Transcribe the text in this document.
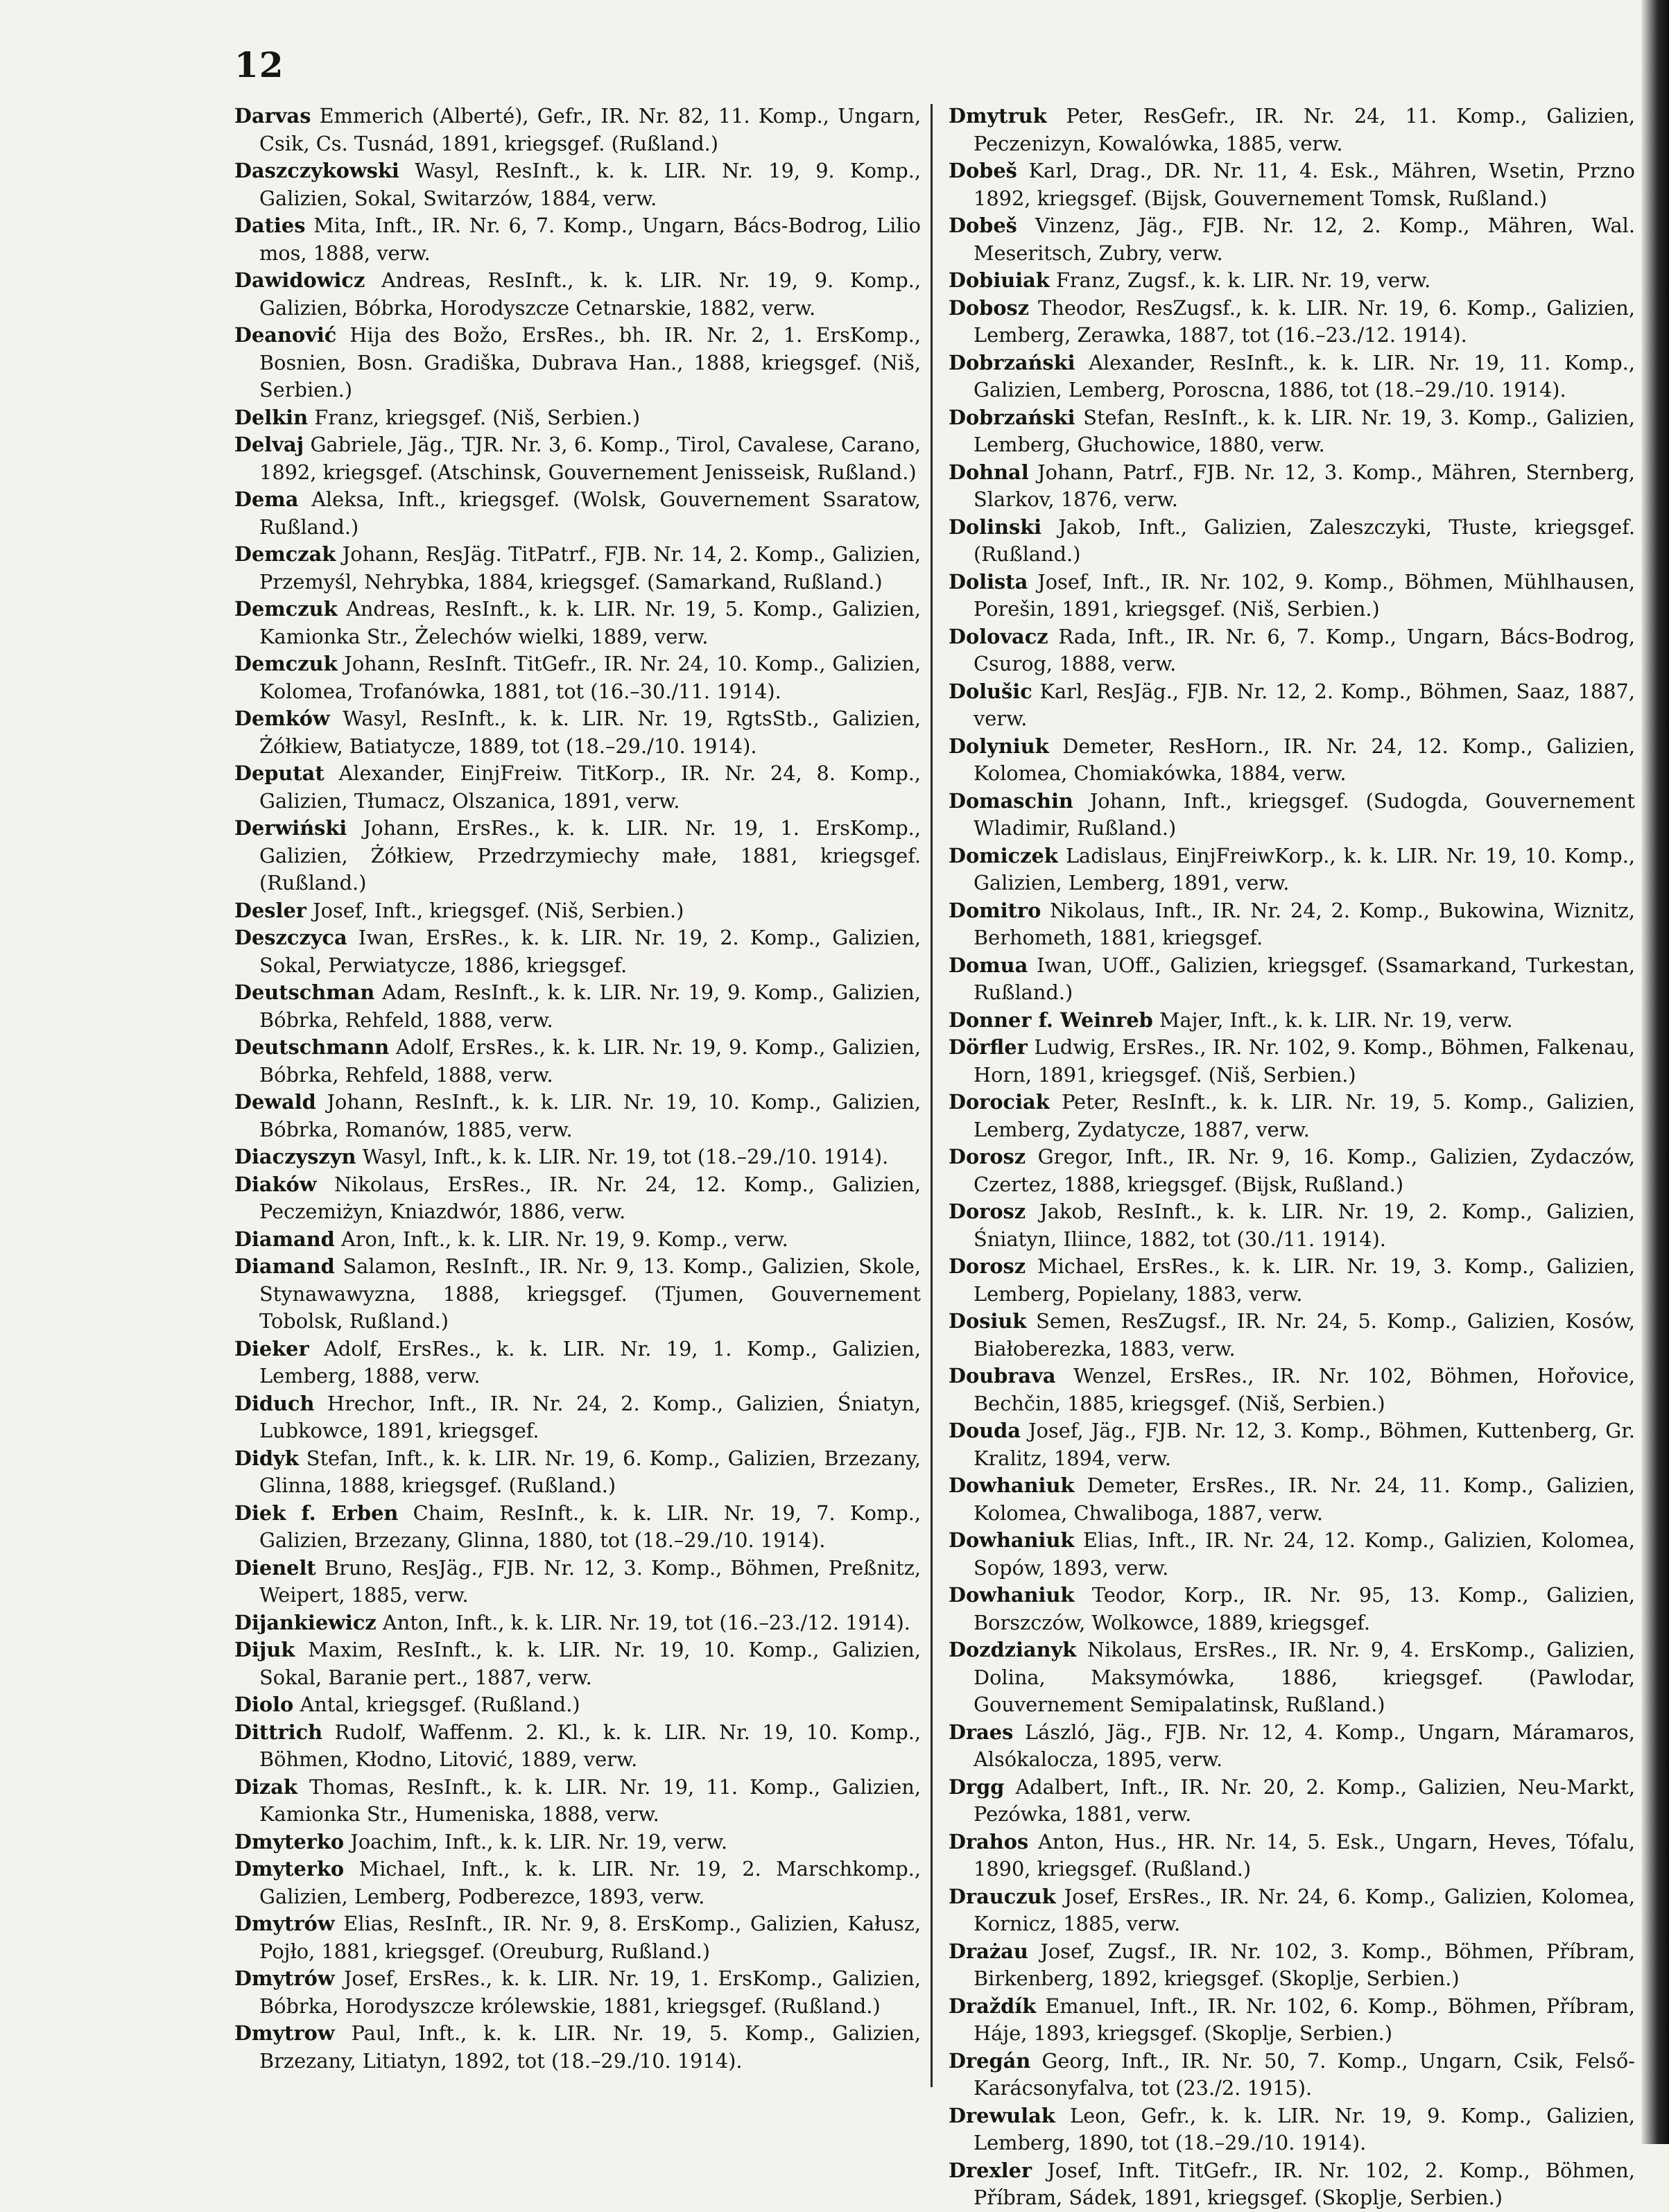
12

Darvas Emmerich (Alberté), Gefr., IR. Nr. 82, 11. Komp., Ungarn, Csik, Cs. Tusnád, 1891, kriegsgef. (Rußland.)

Daszczykowski Wasyl, ResInft., k. k. LIR. Nr. 19, 9. Komp., Galizien, Sokal, Switarzów, 1884, verw.

Daties Mita, Inft., IR. Nr. 6, 7. Komp., Ungarn, Bács-Bodrog, Lilio mos, 1888, verw.

Dawidowicz Andreas, ResInft., k. k. LIR. Nr. 19, 9. Komp., Galizien, Bóbrka, Horodyszcze Cetnarskie, 1882, verw.

Deanović Hija des Božo, ErsRes., bh. IR. Nr. 2, 1. ErsKomp., Bosnien, Bosn. Gradiška, Dubrava Han., 1888, kriegsgef. (Niš, Serbien.)

Delkin Franz, kriegsgef. (Niš, Serbien.)

Delvaj Gabriele, Jäg., TJR. Nr. 3, 6. Komp., Tirol, Cavalese, Carano, 1892, kriegsgef. (Atschinsk, Gouvernement Jenisseisk, Rußland.)

Dema Aleksa, Inft., kriegsgef. (Wolsk, Gouvernement Ssaratow, Rußland.)

Demczak Johann, ResJäg. TitPatrf., FJB. Nr. 14, 2. Komp., Galizien, Przemyśl, Nehrybka, 1884, kriegsgef. (Samarkand, Rußland.)

Demczuk Andreas, ResInft., k. k. LIR. Nr. 19, 5. Komp., Galizien, Kamionka Str., Żelechów wielki, 1889, verw.

Demczuk Johann, ResInft. TitGefr., IR. Nr. 24, 10. Komp., Galizien, Kolomea, Trofanówka, 1881, tot (16.–30./11. 1914).

Demków Wasyl, ResInft., k. k. LIR. Nr. 19, RgtsStb., Galizien, Żółkiew, Batiatycze, 1889, tot (18.–29./10. 1914).

Deputat Alexander, EinjFreiw. TitKorp., IR. Nr. 24, 8. Komp., Galizien, Tłumacz, Olszanica, 1891, verw.

Derwiński Johann, ErsRes., k. k. LIR. Nr. 19, 1. ErsKomp., Galizien, Żółkiew, Przedrzymiechy małe, 1881, kriegsgef. (Rußland.)

Desler Josef, Inft., kriegsgef. (Niš, Serbien.)

Deszczyca Iwan, ErsRes., k. k. LIR. Nr. 19, 2. Komp., Galizien, Sokal, Perwiatycze, 1886, kriegsgef.

Deutschman Adam, ResInft., k. k. LIR. Nr. 19, 9. Komp., Galizien, Bóbrka, Rehfeld, 1888, verw.

Deutschmann Adolf, ErsRes., k. k. LIR. Nr. 19, 9. Komp., Galizien, Bóbrka, Rehfeld, 1888, verw.

Dewald Johann, ResInft., k. k. LIR. Nr. 19, 10. Komp., Galizien, Bóbrka, Romanów, 1885, verw.

Diaczyszyn Wasyl, Inft., k. k. LIR. Nr. 19, tot (18.–29./10. 1914).

Diaków Nikolaus, ErsRes., IR. Nr. 24, 12. Komp., Galizien, Peczemiżyn, Kniazdwór, 1886, verw.

Diamand Aron, Inft., k. k. LIR. Nr. 19, 9. Komp., verw.

Diamand Salamon, ResInft., IR. Nr. 9, 13. Komp., Galizien, Skole, Stynawawyzna, 1888, kriegsgef. (Tjumen, Gouvernement Tobolsk, Rußland.)

Dieker Adolf, ErsRes., k. k. LIR. Nr. 19, 1. Komp., Galizien, Lemberg, 1888, verw.

Diduch Hrechor, Inft., IR. Nr. 24, 2. Komp., Galizien, Śniatyn, Lubkowce, 1891, kriegsgef.

Didyk Stefan, Inft., k. k. LIR. Nr. 19, 6. Komp., Galizien, Brzezany, Glinna, 1888, kriegsgef. (Rußland.)

Diek f. Erben Chaim, ResInft., k. k. LIR. Nr. 19, 7. Komp., Galizien, Brzezany, Glinna, 1880, tot (18.–29./10. 1914).

Dienelt Bruno, ResJäg., FJB. Nr. 12, 3. Komp., Böhmen, Preßnitz, Weipert, 1885, verw.

Dijankiewicz Anton, Inft., k. k. LIR. Nr. 19, tot (16.–23./12. 1914).

Dijuk Maxim, ResInft., k. k. LIR. Nr. 19, 10. Komp., Galizien, Sokal, Baranie pert., 1887, verw.

Diolo Antal, kriegsgef. (Rußland.)

Dittrich Rudolf, Waffenm. 2. Kl., k. k. LIR. Nr. 19, 10. Komp., Böhmen, Kłodno, Litović, 1889, verw.

Dizak Thomas, ResInft., k. k. LIR. Nr. 19, 11. Komp., Galizien, Kamionka Str., Humeniska, 1888, verw.

Dmyterko Joachim, Inft., k. k. LIR. Nr. 19, verw.

Dmyterko Michael, Inft., k. k. LIR. Nr. 19, 2. Marschkomp., Galizien, Lemberg, Podberezce, 1893, verw.

Dmytrów Elias, ResInft., IR. Nr. 9, 8. ErsKomp., Galizien, Kałusz, Pojło, 1881, kriegsgef. (Oreuburg, Rußland.)

Dmytrów Josef, ErsRes., k. k. LIR. Nr. 19, 1. ErsKomp., Galizien, Bóbrka, Horodyszcze królewskie, 1881, kriegsgef. (Rußland.)

Dmytrow Paul, Inft., k. k. LIR. Nr. 19, 5. Komp., Galizien, Brzezany, Litiatyn, 1892, tot (18.–29./10. 1914).

Dmytruk Peter, ResGefr., IR. Nr. 24, 11. Komp., Galizien, Peczenizyn, Kowalówka, 1885, verw.

Dobeš Karl, Drag., DR. Nr. 11, 4. Esk., Mähren, Wsetin, Przno 1892, kriegsgef. (Bijsk, Gouvernement Tomsk, Rußland.)

Dobeš Vinzenz, Jäg., FJB. Nr. 12, 2. Komp., Mähren, Wal. Meseritsch, Zubry, verw.

Dobiuiak Franz, Zugsf., k. k. LIR. Nr. 19, verw.

Dobosz Theodor, ResZugsf., k. k. LIR. Nr. 19, 6. Komp., Galizien, Lemberg, Zerawka, 1887, tot (16.–23./12. 1914).

Dobrzański Alexander, ResInft., k. k. LIR. Nr. 19, 11. Komp., Galizien, Lemberg, Poroscna, 1886, tot (18.–29./10. 1914).

Dobrzański Stefan, ResInft., k. k. LIR. Nr. 19, 3. Komp., Galizien, Lemberg, Głuchowice, 1880, verw.

Dohnal Johann, Patrf., FJB. Nr. 12, 3. Komp., Mähren, Sternberg, Slarkov, 1876, verw.

Dolinski Jakob, Inft., Galizien, Zaleszczyki, Tłuste, kriegsgef. (Rußland.)

Dolista Josef, Inft., IR. Nr. 102, 9. Komp., Böhmen, Mühlhausen, Porešin, 1891, kriegsgef. (Niš, Serbien.)

Dolovacz Rada, Inft., IR. Nr. 6, 7. Komp., Ungarn, Bács-Bodrog, Csurog, 1888, verw.

Dolušic Karl, ResJäg., FJB. Nr. 12, 2. Komp., Böhmen, Saaz, 1887, verw.

Dolyniuk Demeter, ResHorn., IR. Nr. 24, 12. Komp., Galizien, Kolomea, Chomiakówka, 1884, verw.

Domaschin Johann, Inft., kriegsgef. (Sudogda, Gouvernement Wladimir, Rußland.)

Domiczek Ladislaus, EinjFreiwKorp., k. k. LIR. Nr. 19, 10. Komp., Galizien, Lemberg, 1891, verw.

Domitro Nikolaus, Inft., IR. Nr. 24, 2. Komp., Bukowina, Wiznitz, Berhometh, 1881, kriegsgef.

Domua Iwan, UOff., Galizien, kriegsgef. (Ssamarkand, Turkestan, Rußland.)

Donner f. Weinreb Majer, Inft., k. k. LIR. Nr. 19, verw.

Dörfler Ludwig, ErsRes., IR. Nr. 102, 9. Komp., Böhmen, Falkenau, Horn, 1891, kriegsgef. (Niš, Serbien.)

Dorociak Peter, ResInft., k. k. LIR. Nr. 19, 5. Komp., Galizien, Lemberg, Zydatycze, 1887, verw.

Dorosz Gregor, Inft., IR. Nr. 9, 16. Komp., Galizien, Zydaczów, Czertez, 1888, kriegsgef. (Bijsk, Rußland.)

Dorosz Jakob, ResInft., k. k. LIR. Nr. 19, 2. Komp., Galizien, Śniatyn, Iliince, 1882, tot (30./11. 1914).

Dorosz Michael, ErsRes., k. k. LIR. Nr. 19, 3. Komp., Galizien, Lemberg, Popielany, 1883, verw.

Dosiuk Semen, ResZugsf., IR. Nr. 24, 5. Komp., Galizien, Kosów, Białoberezka, 1883, verw.

Doubrava Wenzel, ErsRes., IR. Nr. 102, Böhmen, Hořovice, Bechčin, 1885, kriegsgef. (Niš, Serbien.)

Douda Josef, Jäg., FJB. Nr. 12, 3. Komp., Böhmen, Kuttenberg, Gr. Kralitz, 1894, verw.

Dowhaniuk Demeter, ErsRes., IR. Nr. 24, 11. Komp., Galizien, Kolomea, Chwaliboga, 1887, verw.

Dowhaniuk Elias, Inft., IR. Nr. 24, 12. Komp., Galizien, Kolomea, Sopów, 1893, verw.

Dowhaniuk Teodor, Korp., IR. Nr. 95, 13. Komp., Galizien, Borszczów, Wolkowce, 1889, kriegsgef.

Dozdzianyk Nikolaus, ErsRes., IR. Nr. 9, 4. ErsKomp., Galizien, Dolina, Maksymówka, 1886, kriegsgef. (Pawlodar, Gouvernement Semipalatinsk, Rußland.)

Draes László, Jäg., FJB. Nr. 12, 4. Komp., Ungarn, Máramaros, Alsókalocza, 1895, verw.

Drgg Adalbert, Inft., IR. Nr. 20, 2. Komp., Galizien, Neu-Markt, Pezówka, 1881, verw.

Drahos Anton, Hus., HR. Nr. 14, 5. Esk., Ungarn, Heves, Tófalu, 1890, kriegsgef. (Rußland.)

Drauczuk Josef, ErsRes., IR. Nr. 24, 6. Komp., Galizien, Kolomea, Kornicz, 1885, verw.

Drażau Josef, Zugsf., IR. Nr. 102, 3. Komp., Böhmen, Příbram, Birkenberg, 1892, kriegsgef. (Skoplje, Serbien.)

Draždík Emanuel, Inft., IR. Nr. 102, 6. Komp., Böhmen, Příbram, Háje, 1893, kriegsgef. (Skoplje, Serbien.)

Dregán Georg, Inft., IR. Nr. 50, 7. Komp., Ungarn, Csik, Felső-Karácsonyfalva, tot (23./2. 1915).

Drewulak Leon, Gefr., k. k. LIR. Nr. 19, 9. Komp., Galizien, Lemberg, 1890, tot (18.–29./10. 1914).

Drexler Josef, Inft. TitGefr., IR. Nr. 102, 2. Komp., Böhmen, Příbram, Sádek, 1891, kriegsgef. (Skoplje, Serbien.)
